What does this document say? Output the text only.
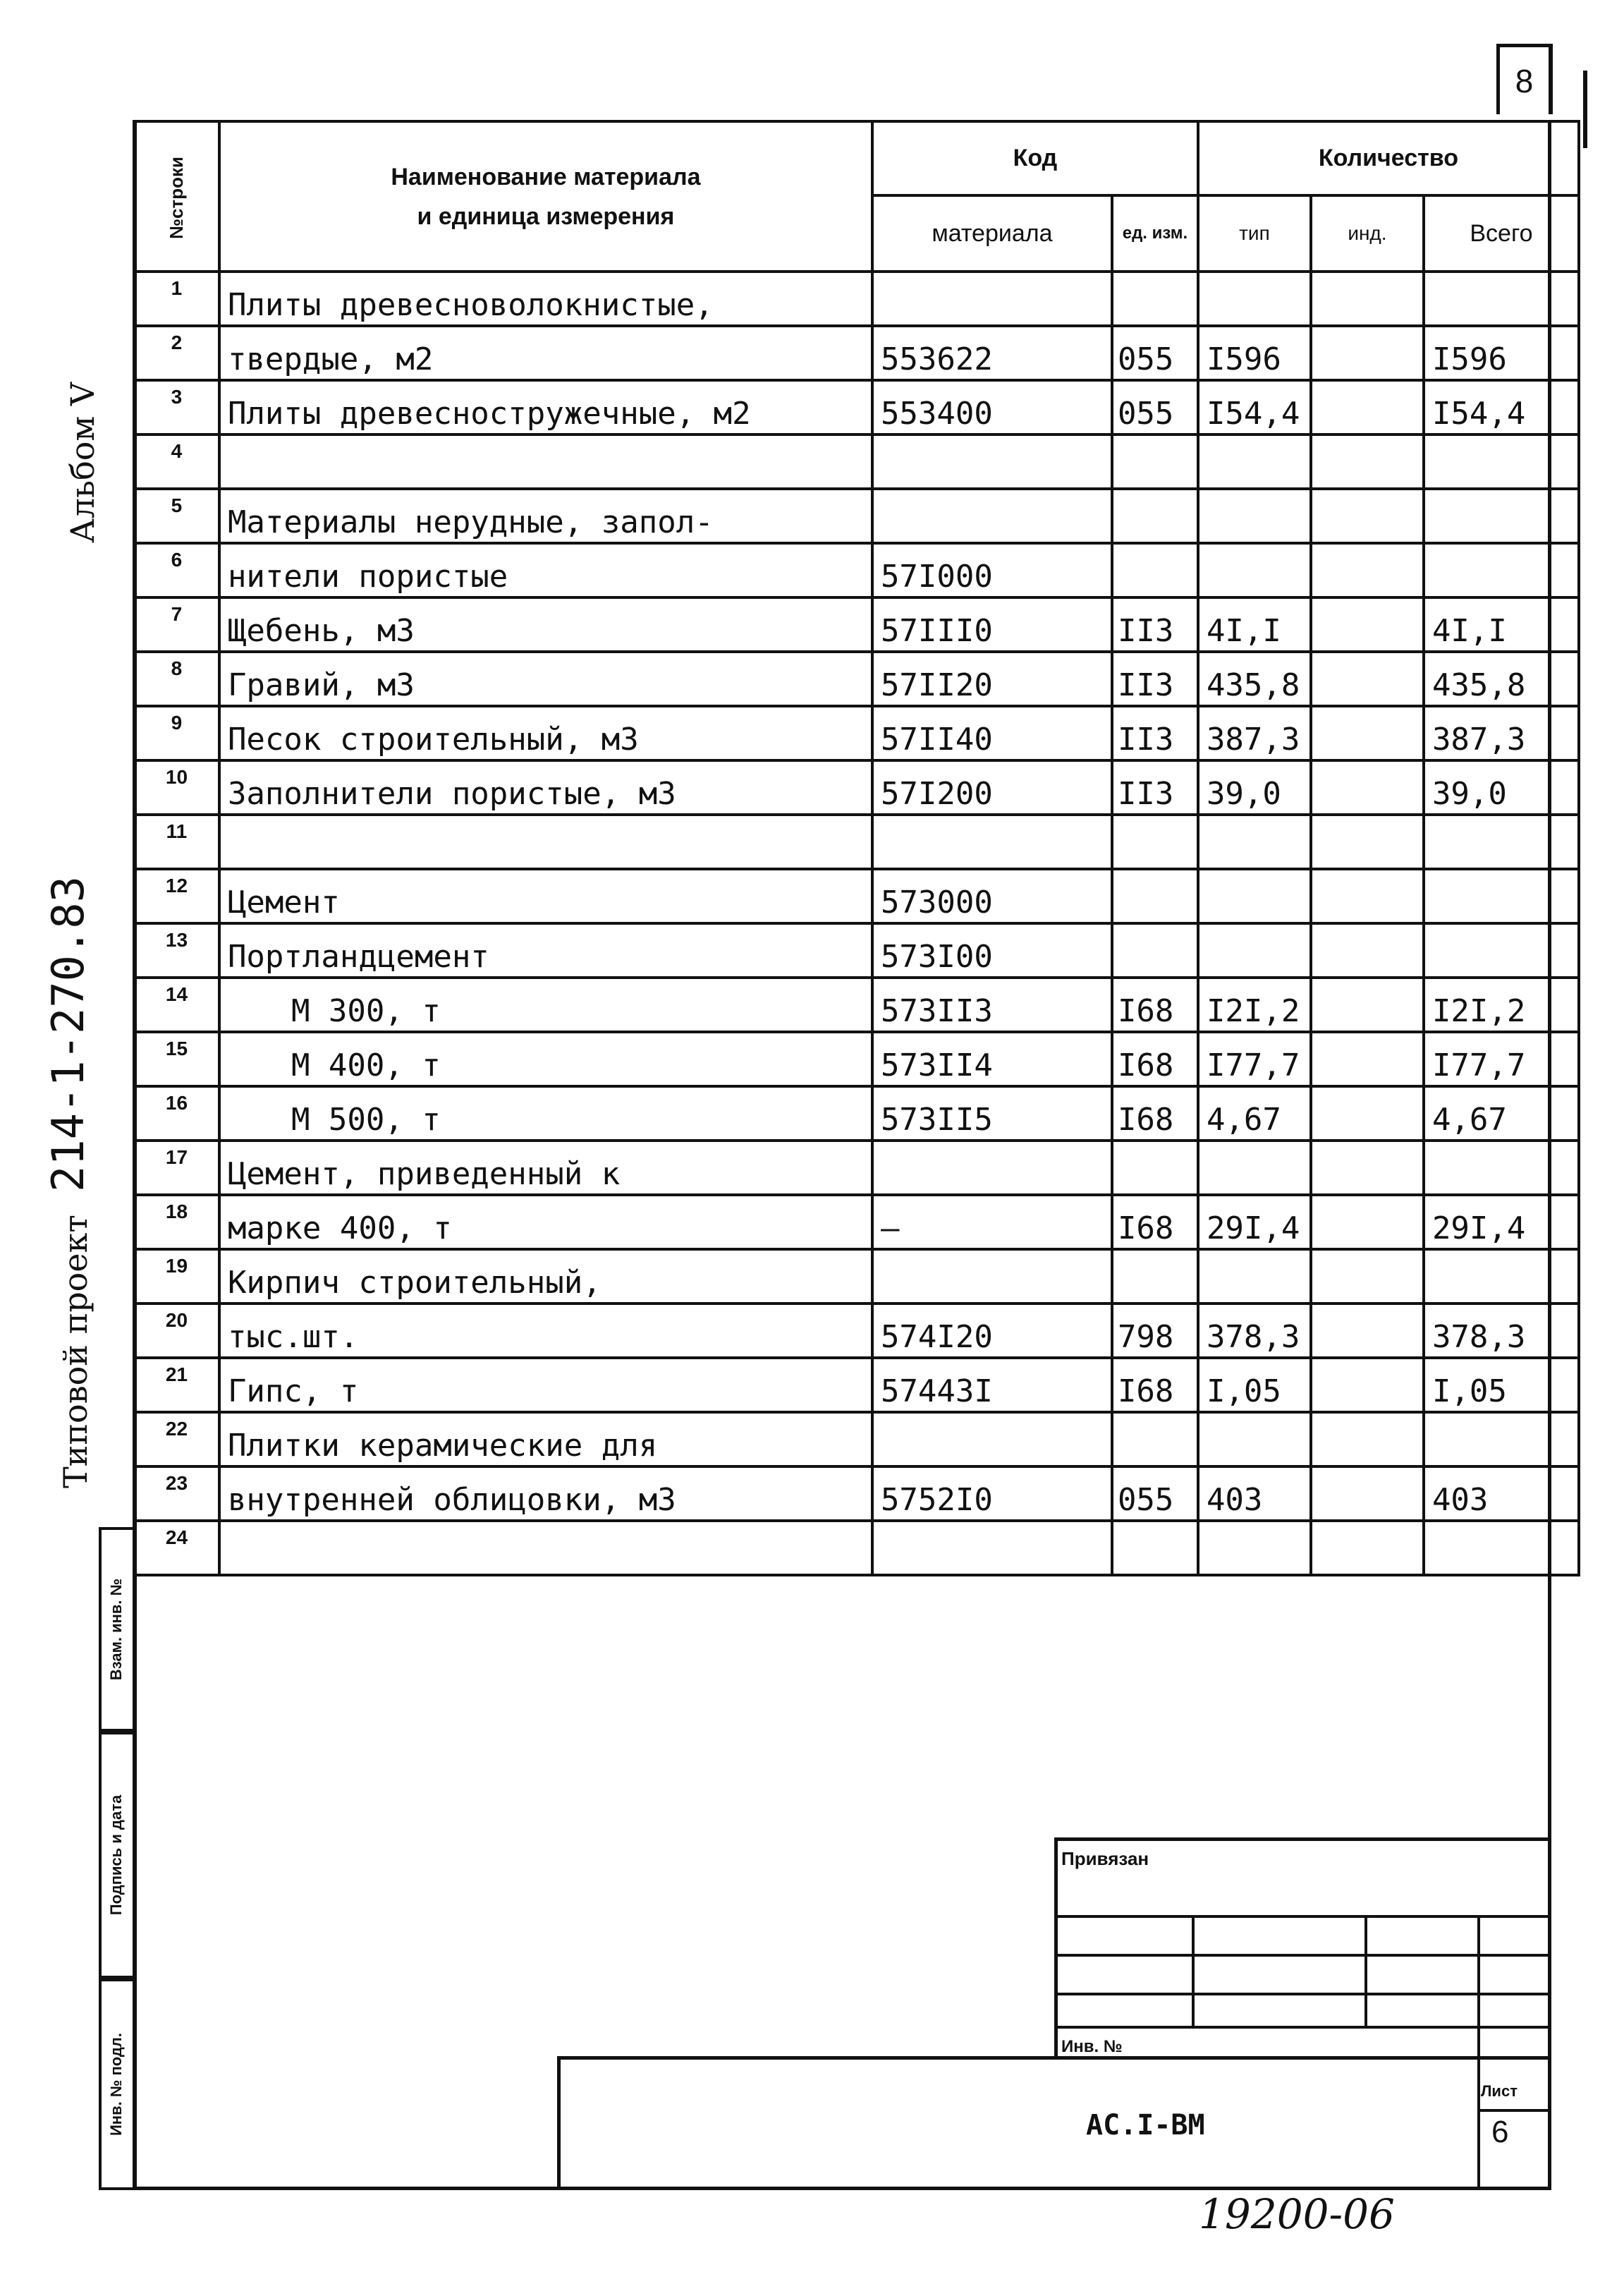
8
Альбом V
214-1-270.83
Типовой проект
Взам. инв. №
Подпись и дата
Инв. № подл.
№строки	Наименование материала
и единица измерения	Код		Количество		
		материала	ед. изм.	тип	инд.	Всего
1	Плиты древесноволокнистые,					
2	твердые, м2	553622	055	I596		I596
3	Плиты древесностружечные, м2	553400	055	I54,4		I54,4
4						
5	Материалы нерудные, запол-					
6	нители пористые	57I000				
7	Щебень, м3	57III0	II3	4I,I		4I,I
8	Гравий, м3	57II20	II3	435,8		435,8
9	Песок строительный, м3	57II40	II3	387,3		387,3
10	Заполнители пористые, м3	57I200	II3	39,0		39,0
11						
12	Цемент	573000				
13	Портландцемент	573I00				
14	М 300, т	573II3	I68	I2I,2		I2I,2
15	М 400, т	573II4	I68	I77,7		I77,7
16	М 500, т	573II5	I68	4,67		4,67
17	Цемент, приведенный к					
18	марке 400, т	–	I68	29I,4		29I,4
19	Кирпич строительный,					
20	тыс.шт.	574I20	798	378,3		378,3
21	Гипс, т	57443I	I68	I,05		I,05
22	Плитки керамические для					
23	внутренней облицовки, м3	5752I0	055	403		403
24						
Привязан
Инв. №
Лист
6
АС.I-ВМ
19200-06
